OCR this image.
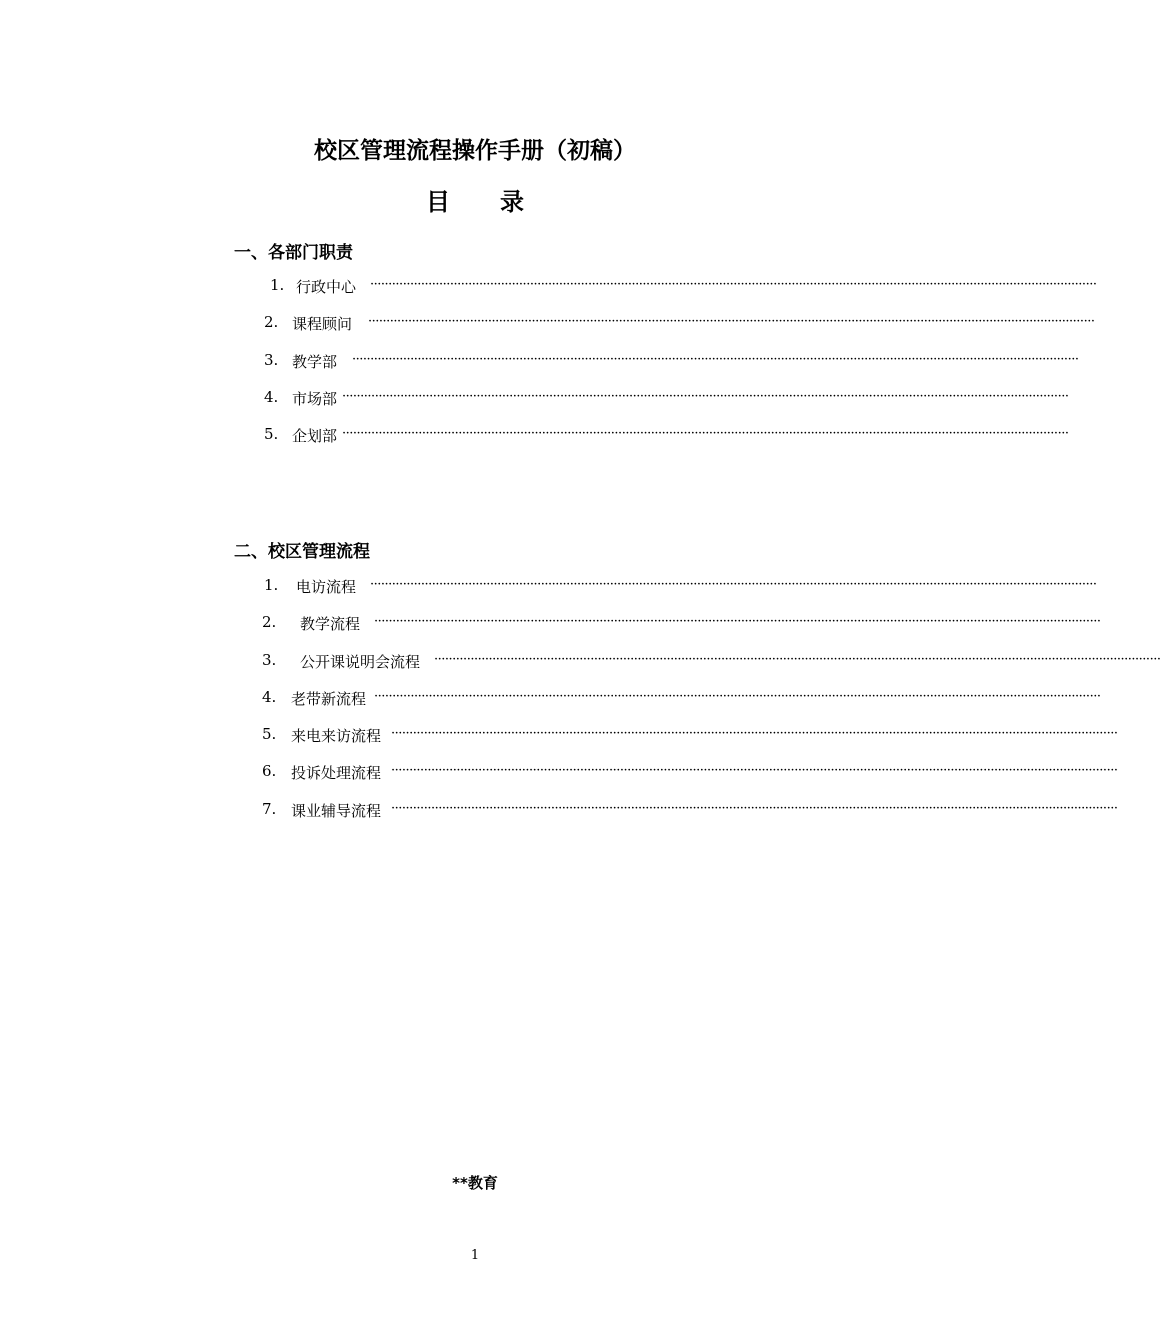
校区管理流程操作手册（初稿）
目录
一、各部门职责
1. 行政中心 ········································································································································································································
2. 课程顾问 ········································································································································································································
3. 教学部 ········································································································································································································
4. 市场部 ········································································································································································································
5. 企划部 ········································································································································································································
二、校区管理流程
1. 电访流程 ········································································································································································································
2. 教学流程 ········································································································································································································
3. 公开课说明会流程 ········································································································································································································
4. 老带新流程 ········································································································································································································
5. 来电来访流程 ········································································································································································································
6. 投诉处理流程 ········································································································································································································
7. 课业辅导流程 ········································································································································································································
**教育
1
